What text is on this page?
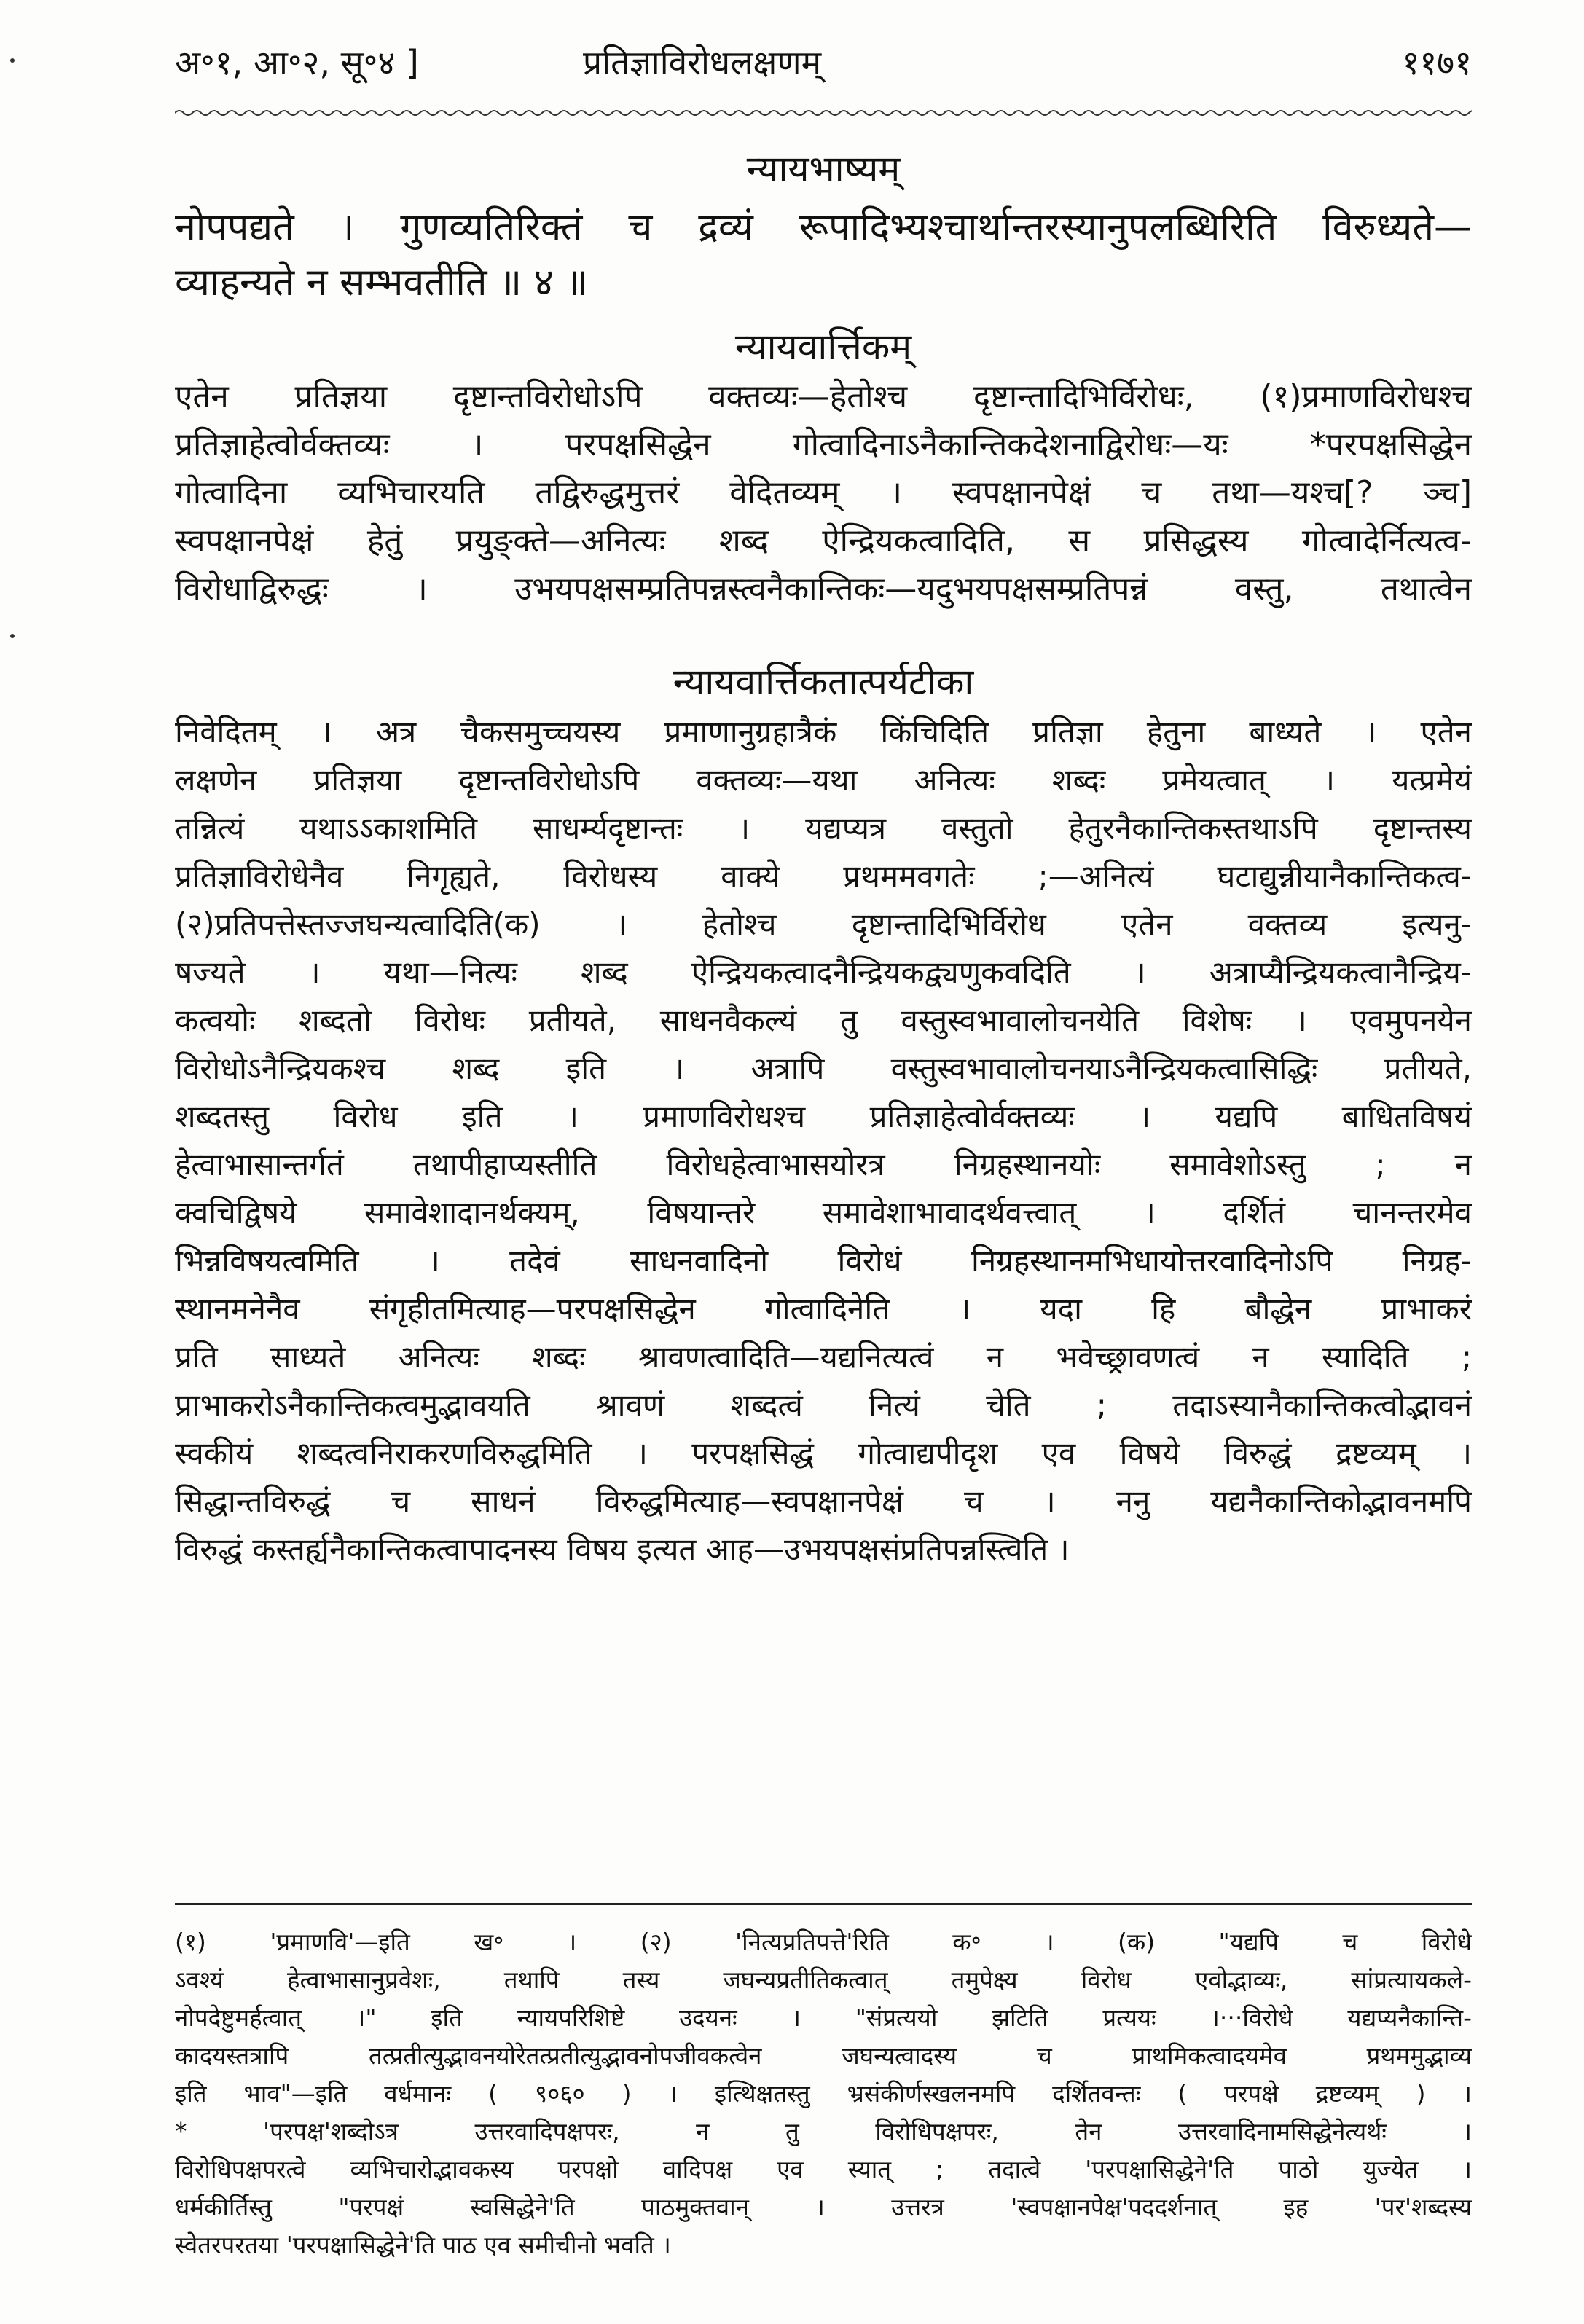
अ॰१, आ॰२, सू॰४ ]	प्रतिज्ञाविरोधलक्षणम्	११७१
न्यायभाष्यम्

नोपपद्यते । गुणव्यतिरिक्तं च द्रव्यं रूपादिभ्यश्चार्थान्तरस्यानुपलब्धिरिति विरुध्यते—

व्याहन्यते न सम्भवतीति ॥ ४ ॥

न्यायवार्त्तिकम्

एतेन प्रतिज्ञया दृष्टान्तविरोधोऽपि वक्तव्यः—हेतोश्च दृष्टान्तादिभिर्विरोधः, (१)प्रमाणविरोधश्च

प्रतिज्ञाहेत्वोर्वक्तव्यः । परपक्षसिद्धेन गोत्वादिनाऽनैकान्तिकदेशनाद्विरोधः—यः *परपक्षसिद्धेन

गोत्वादिना व्यभिचारयति तद्विरुद्धमुत्तरं वेदितव्यम् । स्वपक्षानपेक्षं च तथा—यश्च[? ञ्च]

स्वपक्षानपेक्षं हेतुं प्रयुङ्क्ते—अनित्यः शब्द ऐन्द्रियकत्वादिति, स प्रसिद्धस्य गोत्वादेर्नित्यत्व-

विरोधाद्विरुद्धः । उभयपक्षसम्प्रतिपन्नस्त्वनैकान्तिकः—यदुभयपक्षसम्प्रतिपन्नं वस्तु, तथात्वेन

न्यायवार्त्तिकतात्पर्यटीका

निवेदितम् । अत्र चैकसमुच्चयस्य प्रमाणानुग्रहात्रैकं किंचिदिति प्रतिज्ञा हेतुना बाध्यते । एतेन

लक्षणेन प्रतिज्ञया दृष्टान्तविरोधोऽपि वक्तव्यः—यथा अनित्यः शब्दः प्रमेयत्वात् । यत्प्रमेयं

तन्नित्यं यथाऽऽकाशमिति साधर्म्यदृष्टान्तः । यद्यप्यत्र वस्तुतो हेतुरनैकान्तिकस्तथाऽपि दृष्टान्तस्य

प्रतिज्ञाविरोधेनैव निगृह्यते, विरोधस्य वाक्ये प्रथममवगतेः ;—अनित्यं घटाद्युन्नीयानैकान्तिकत्व-

(२)प्रतिपत्तेस्तज्जघन्यत्वादिति(क) । हेतोश्च दृष्टान्तादिभिर्विरोध एतेन वक्तव्य इत्यनु-

षज्यते । यथा—नित्यः शब्द ऐन्द्रियकत्वादनैन्द्रियकद्व्यणुकवदिति । अत्राप्यैन्द्रियकत्वानैन्द्रिय-

कत्वयोः शब्दतो विरोधः प्रतीयते, साधनवैकल्यं तु वस्तुस्वभावालोचनयेति विशेषः । एवमुपनयेन

विरोधोऽनैन्द्रियकश्च शब्द इति । अत्रापि वस्तुस्वभावालोचनयाऽनैन्द्रियकत्वासिद्धिः प्रतीयते,

शब्दतस्तु विरोध इति । प्रमाणविरोधश्च प्रतिज्ञाहेत्वोर्वक्तव्यः । यद्यपि बाधितविषयं

हेत्वाभासान्तर्गतं तथापीहाप्यस्तीति विरोधहेत्वाभासयोरत्र निग्रहस्थानयोः समावेशोऽस्तु ; न

क्वचिद्विषये समावेशादानर्थक्यम्, विषयान्तरे समावेशाभावादर्थवत्त्वात् । दर्शितं चानन्तरमेव

भिन्नविषयत्वमिति । तदेवं साधनवादिनो विरोधं निग्रहस्थानमभिधायोत्तरवादिनोऽपि निग्रह-

स्थानमनेनैव संगृहीतमित्याह—परपक्षसिद्धेन गोत्वादिनेति । यदा हि बौद्धेन प्राभाकरं

प्रति साध्यते अनित्यः शब्दः श्रावणत्वादिति—यद्यनित्यत्वं न भवेच्छ्रावणत्वं न स्यादिति ;

प्राभाकरोऽनैकान्तिकत्वमुद्भावयति श्रावणं शब्दत्वं नित्यं चेति ; तदाऽस्यानैकान्तिकत्वोद्भावनं

स्वकीयं शब्दत्वनिराकरणविरुद्धमिति । परपक्षसिद्धं गोत्वाद्यपीदृश एव विषये विरुद्धं द्रष्टव्यम् ।

सिद्धान्तविरुद्धं च साधनं विरुद्धमित्याह—स्वपक्षानपेक्षं च । ननु यद्यनैकान्तिकोद्भावनमपि

विरुद्धं कस्तर्ह्यनैकान्तिकत्वापादनस्य विषय इत्यत आह—उभयपक्षसंप्रतिपन्नस्त्विति ।

(१) 'प्रमाणवि'—इति ख॰ । (२) 'नित्यप्रतिपत्ते'रिति क॰ । (क) "यद्यपि च विरोधे

ऽवश्यं हेत्वाभासानुप्रवेशः, तथापि तस्य जघन्यप्रतीतिकत्वात् तमुपेक्ष्य विरोध एवोद्भाव्यः, सांप्रत्यायकले-

नोपदेष्टुमर्हत्वात् ।" इति न्यायपरिशिष्टे उदयनः । "संप्रत्ययो झटिति प्रत्ययः ।···विरोधे यद्यप्यनैकान्ति-

कादयस्तत्रापि तत्प्रतीत्युद्भावनयोरेतत्प्रतीत्युद्भावनोपजीवकत्वेन जघन्यत्वादस्य च प्राथमिकत्वादयमेव प्रथममुद्भाव्य

इति भाव"—इति वर्धमानः ( ९०६० ) । इत्थिक्षतस्तु भ्रसंकीर्णस्खलनमपि दर्शितवन्तः ( परपक्षे द्रष्टव्यम् ) ।

* 'परपक्ष'शब्दोऽत्र उत्तरवादिपक्षपरः, न तु विरोधिपक्षपरः, तेन उत्तरवादिनामसिद्धेनेत्यर्थः ।

विरोधिपक्षपरत्वे व्यभिचारोद्भावकस्य परपक्षो वादिपक्ष एव स्यात् ; तदात्वे 'परपक्षासिद्धेने'ति पाठो युज्येत ।

धर्मकीर्तिस्तु "परपक्षं स्वसिद्धेने'ति पाठमुक्तवान् । उत्तरत्र 'स्वपक्षानपेक्ष'पददर्शनात् इह 'पर'शब्दस्य

स्वेतरपरतया 'परपक्षासिद्धेने'ति पाठ एव समीचीनो भवति ।
